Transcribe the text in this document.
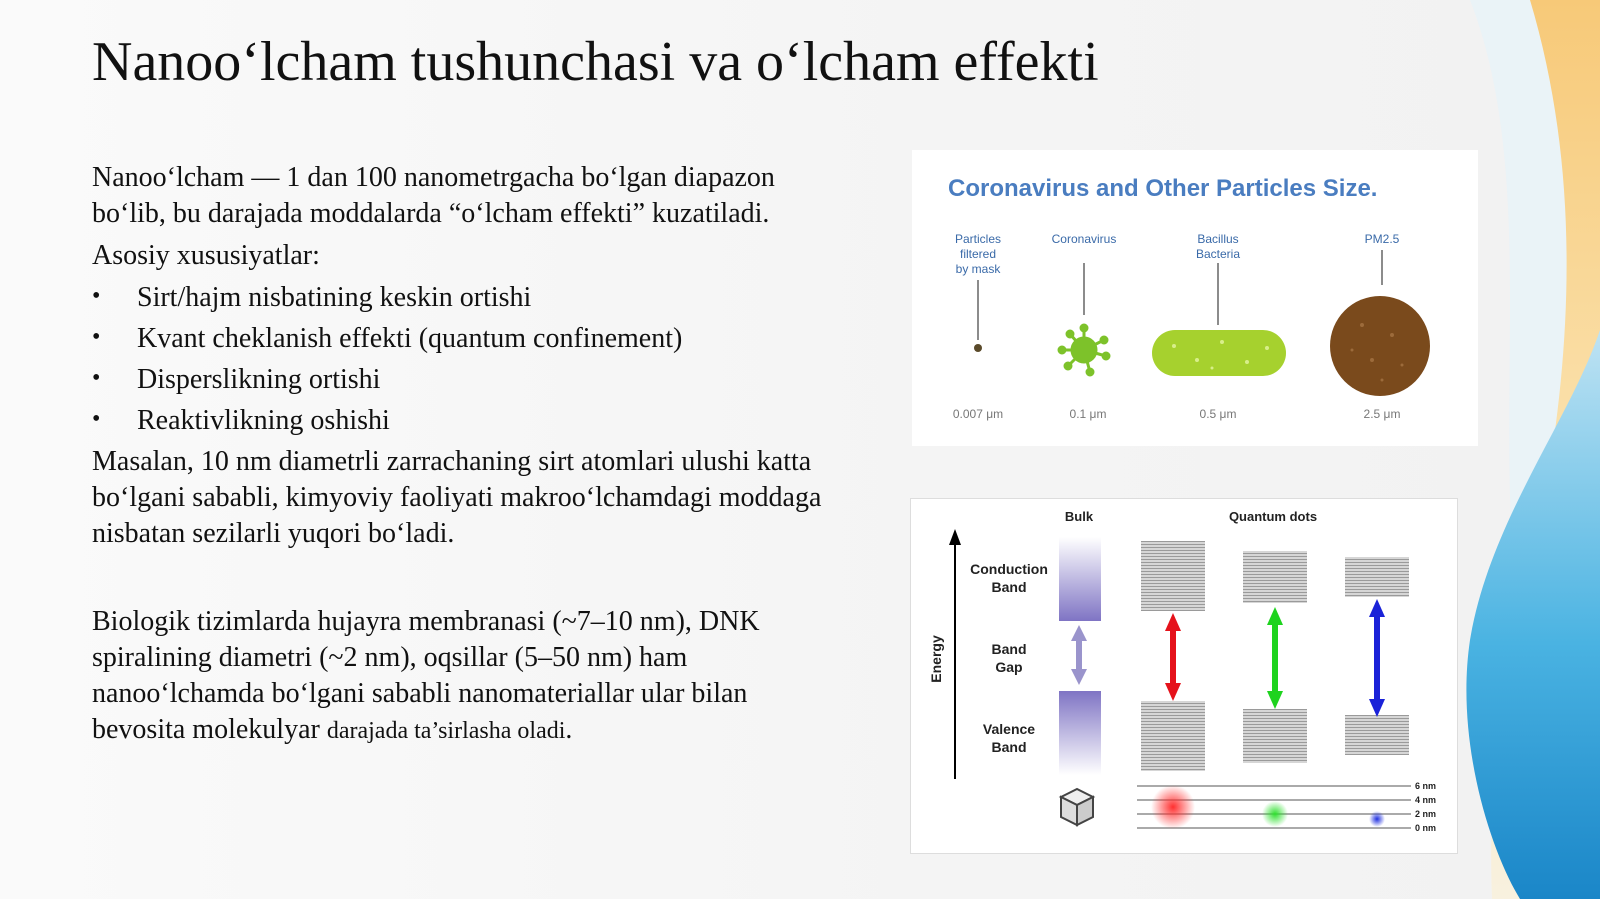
Nanoo‘lcham tushunchasi va o‘lcham effekti

Nanoo‘lcham — 1 dan 100 nanometrgacha bo‘lgan diapazon bo‘lib, bu darajada moddalarda “o‘lcham effekti” kuzatiladi.

Asosiy xususiyatlar:

• Sirt/hajm nisbatining keskin ortishi
• Kvant cheklanish effekti (quantum confinement)
• Disperslikning ortishi
• Reaktivlikning oshishi

Masalan, 10 nm diametrli zarrachaning sirt atomlari ulushi katta bo‘lgani sababli, kimyoviy faoliyati makroo‘lchamdagi moddaga nisbatan sezilarli yuqori bo‘ladi.

Biologik tizimlarda hujayra membranasi (~7–10 nm), DNK spiralining diametri (~2 nm), oqsillar (5–50 nm) ham nanoo‘lchamda bo‘lgani sababli nanomateriallar ular bilan bevosita molekulyar darajada ta’sirlasha oladi.

Coronavirus and Other Particles Size.
Particles filtered by mask
Coronavirus	Bacillus Bacteria
PM2.5
0.007 μm	0.1 μm	0.5 μm	2.5 μm
Bulk	Quantum dots
Energy
Conduction Band
Band Gap
Valence Band
6 nm
4 nm
2 nm
0 nm
